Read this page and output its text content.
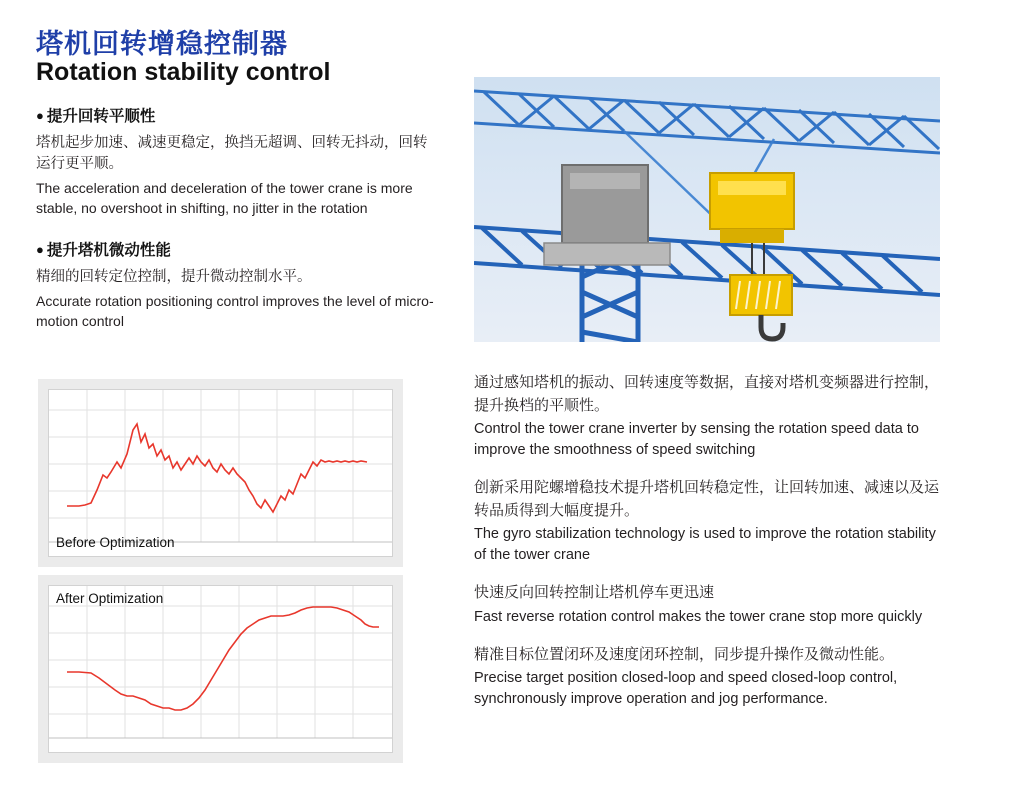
塔机回转增稳控制器
Rotation stability control

● 提升回转平顺性

塔机起步加速、减速更稳定，换挡无超调、回转无抖动，回转运行更平顺。

The acceleration and deceleration of the tower crane is more stable, no overshoot in shifting, no jitter in the rotation

● 提升塔机微动性能

精细的回转定位控制，提升微动控制水平。

Accurate rotation positioning control improves the level of micro-motion control

Before Optimization
After Optimization

通过感知塔机的振动、回转速度等数据，直接对塔机变频器进行控制，提升换档的平顺性。

Control the tower crane inverter by sensing the rotation speed data to improve the smoothness of speed switching

创新采用陀螺增稳技术提升塔机回转稳定性，让回转加速、减速以及运转品质得到大幅度提升。

The gyro stabilization technology is used to improve the rotation stability of the tower crane

快速反向回转控制让塔机停车更迅速

Fast reverse rotation control makes the tower crane stop more quickly

精准目标位置闭环及速度闭环控制，同步提升操作及微动性能。

Precise target position closed-loop and speed closed-loop control, synchronously improve operation and jog performance.
